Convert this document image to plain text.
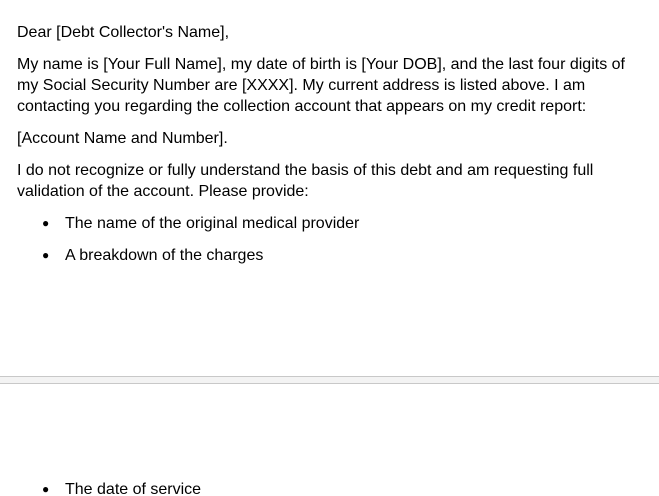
Dear [Debt Collector's Name],

My name is [Your Full Name], my date of birth is [Your DOB], and the last four digits of my Social Security Number are [XXXX]. My current address is listed above. I am contacting you regarding the collection account that appears on my credit report:

[Account Name and Number].

I do not recognize or fully understand the basis of this debt and am requesting full validation of the account. Please provide:

● The name of the original medical provider
● A breakdown of the charges
● The date of service
